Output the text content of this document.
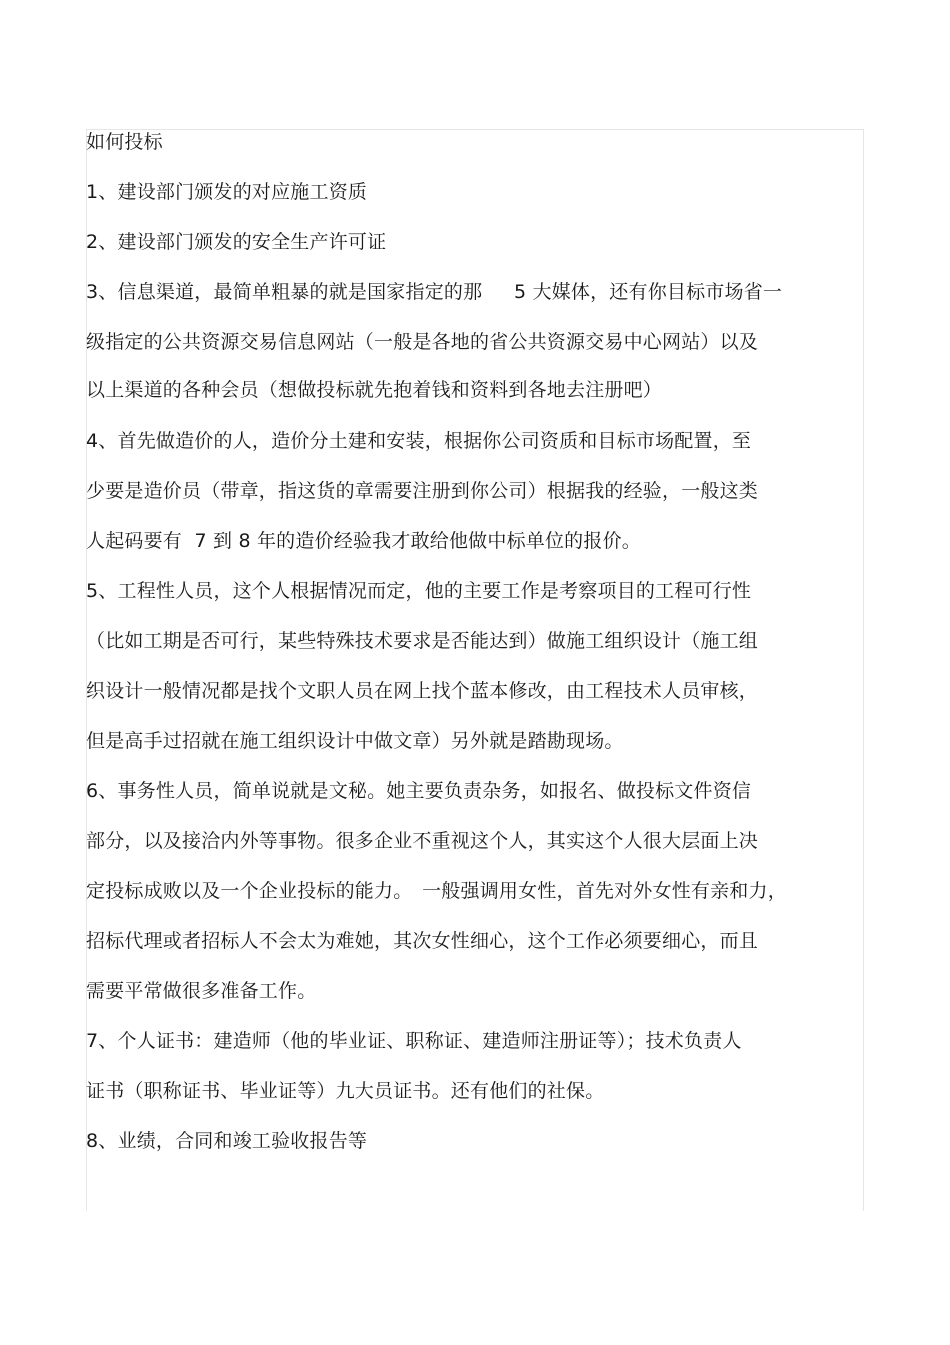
如何投标
1、建设部门颁发的对应施工资质
2、建设部门颁发的安全生产许可证
3、信息渠道，最简单粗暴的就是国家指定的那　  5 大媒体，还有你目标市场省一
级指定的公共资源交易信息网站（一般是各地的省公共资源交易中心网站）以及
以上渠道的各种会员（想做投标就先抱着钱和资料到各地去注册吧）
4、首先做造价的人，造价分土建和安装，根据你公司资质和目标市场配置，至
少要是造价员（带章，指这货的章需要注册到你公司）根据我的经验，一般这类
人起码要有  7 到 8 年的造价经验我才敢给他做中标单位的报价。
5、工程性人员，这个人根据情况而定，他的主要工作是考察项目的工程可行性
（比如工期是否可行，某些特殊技术要求是否能达到）做施工组织设计（施工组
织设计一般情况都是找个文职人员在网上找个蓝本修改，由工程技术人员审核，
但是高手过招就在施工组织设计中做文章）另外就是踏勘现场。
6、事务性人员，简单说就是文秘。她主要负责杂务，如报名、做投标文件资信
部分，以及接洽内外等事物。很多企业不重视这个人，其实这个人很大层面上决
定投标成败以及一个企业投标的能力。　一般强调用女性，首先对外女性有亲和力，
招标代理或者招标人不会太为难她，其次女性细心，这个工作必须要细心，而且
需要平常做很多准备工作。
7、个人证书：建造师（他的毕业证、职称证、建造师注册证等）；技术负责人
证书（职称证书、毕业证等）九大员证书。还有他们的社保。
8、业绩，合同和竣工验收报告等
